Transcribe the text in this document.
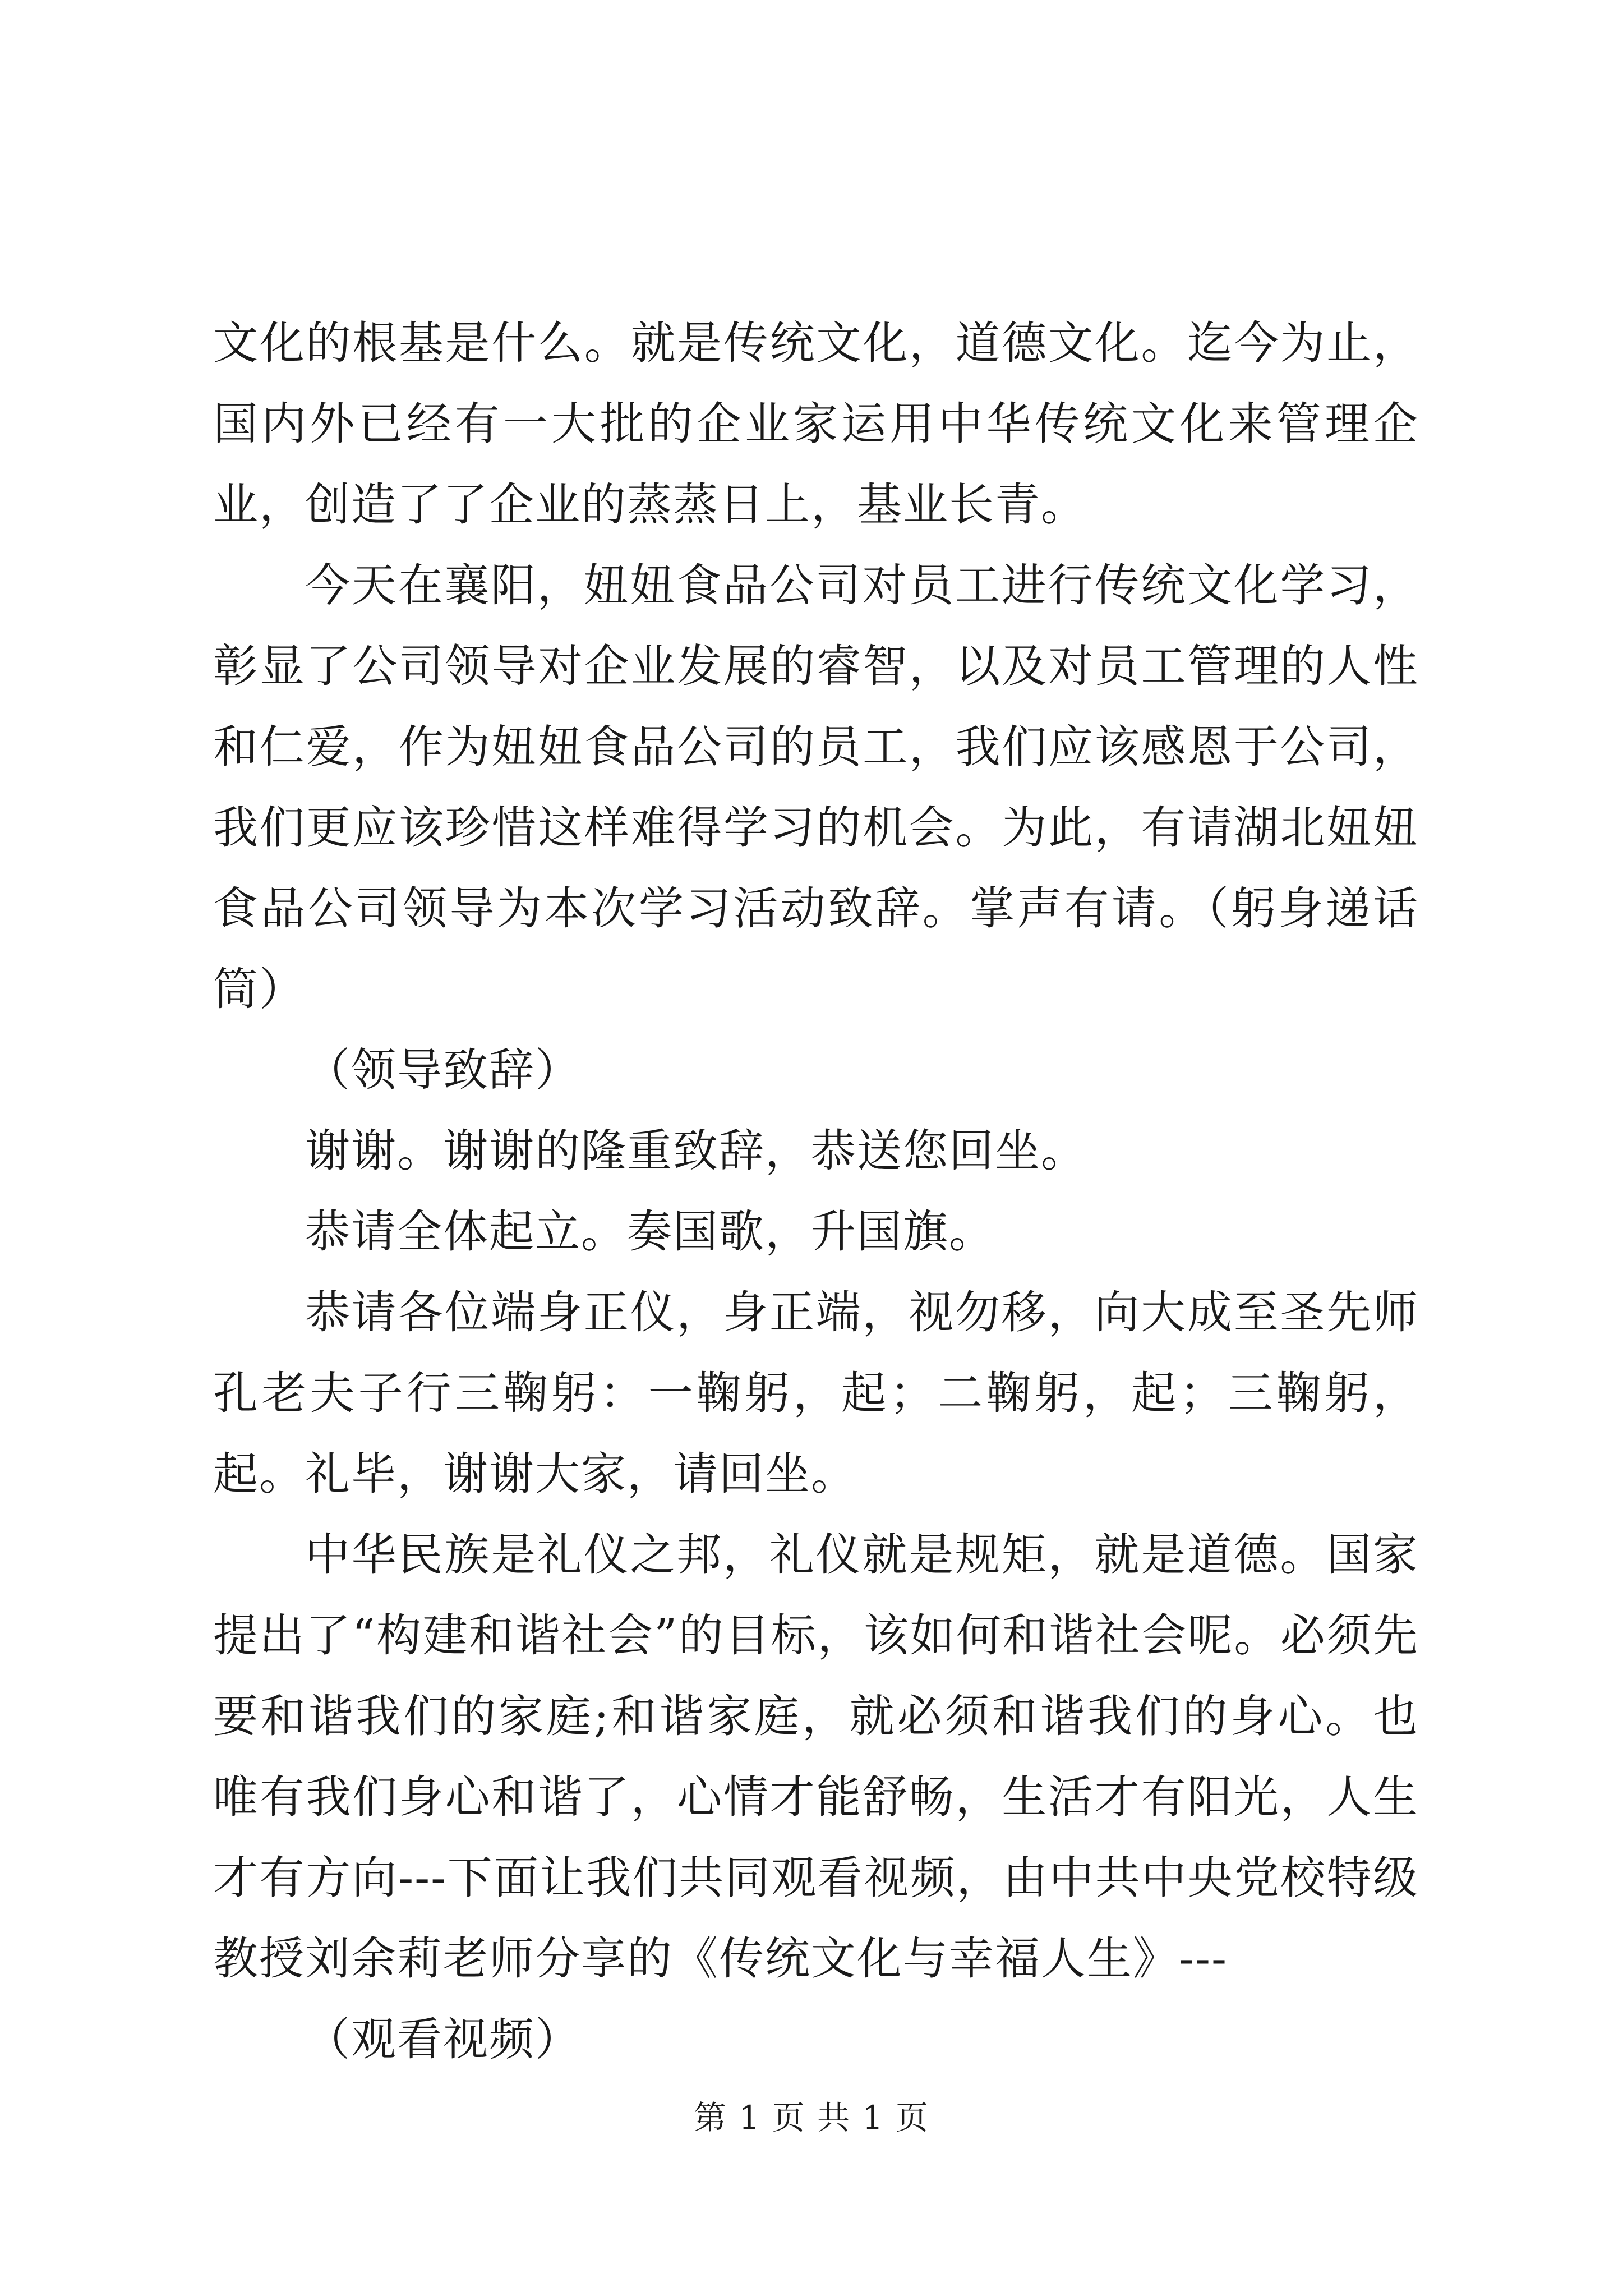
文化的根基是什么。就是传统文化，道德文化。迄今为止，国内外已经有一大批的企业家运用中华传统文化来管理企业，创造了了企业的蒸蒸日上，基业长青。

今天在襄阳，妞妞食品公司对员工进行传统文化学习，彰显了公司领导对企业发展的睿智，以及对员工管理的人性和仁爱，作为妞妞食品公司的员工，我们应该感恩于公司，我们更应该珍惜这样难得学习的机会。为此，有请湖北妞妞食品公司领导为本次学习活动致辞。掌声有请。（躬身递话筒）

（领导致辞）

谢谢。谢谢的隆重致辞，恭送您回坐。

恭请全体起立。奏国歌，升国旗。

恭请各位端身正仪，身正端，视勿移，向大成至圣先师孔老夫子行三鞠躬：一鞠躬，起；二鞠躬，起；三鞠躬，起。礼毕，谢谢大家，请回坐。

中华民族是礼仪之邦，礼仪就是规矩，就是道德。国家提出了“构建和谐社会”的目标，该如何和谐社会呢。必须先要和谐我们的家庭;和谐家庭，就必须和谐我们的身心。也唯有我们身心和谐了，心情才能舒畅，生活才有阳光，人生才有方向---下面让我们共同观看视频，由中共中央党校特级教授刘余莉老师分享的《传统文化与幸福人生》---

（观看视频）

第 1 页 共 1 页
